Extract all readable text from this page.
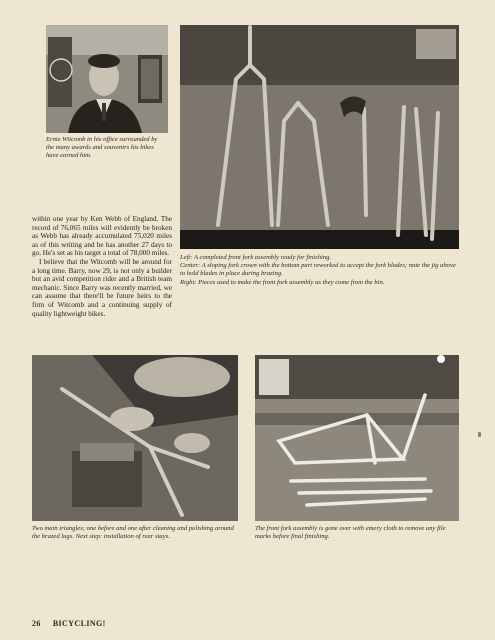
Ernie Witcomb in his office surrounded by the many awards and souvenirs his bikes have earned him.

Left: A completed front fork assembly ready for finishing.
Center: A sloping fork crown with the bottom part reworked to accept the fork blades; note the jig above to hold blades in place during brazing.
Right: Pieces used to make the front fork assembly as they come from the bin.

within one year by Ken Webb of England. The record of 76,065 miles will evidently be broken as Webb has already accumulated 75,020 miles as of this writing and he has another 27 days to go. He's set as his target a total of 78,000 miles.

I believe that the Witcomb will be around for a long time. Barry, now 29, is not only a builder but an avid competition rider and a British team mechanic. Since Barry was recently married, we can assume that there'll be future heirs to the firm of Witcomb and a continuing supply of quality lightweight bikes.

Two main triangles; one before and one after cleaning and polishing around the brazed lugs. Next step: installation of rear stays.

The front fork assembly is gone over with emery cloth to remove any file marks before final finishing.

26 BICYCLING!
